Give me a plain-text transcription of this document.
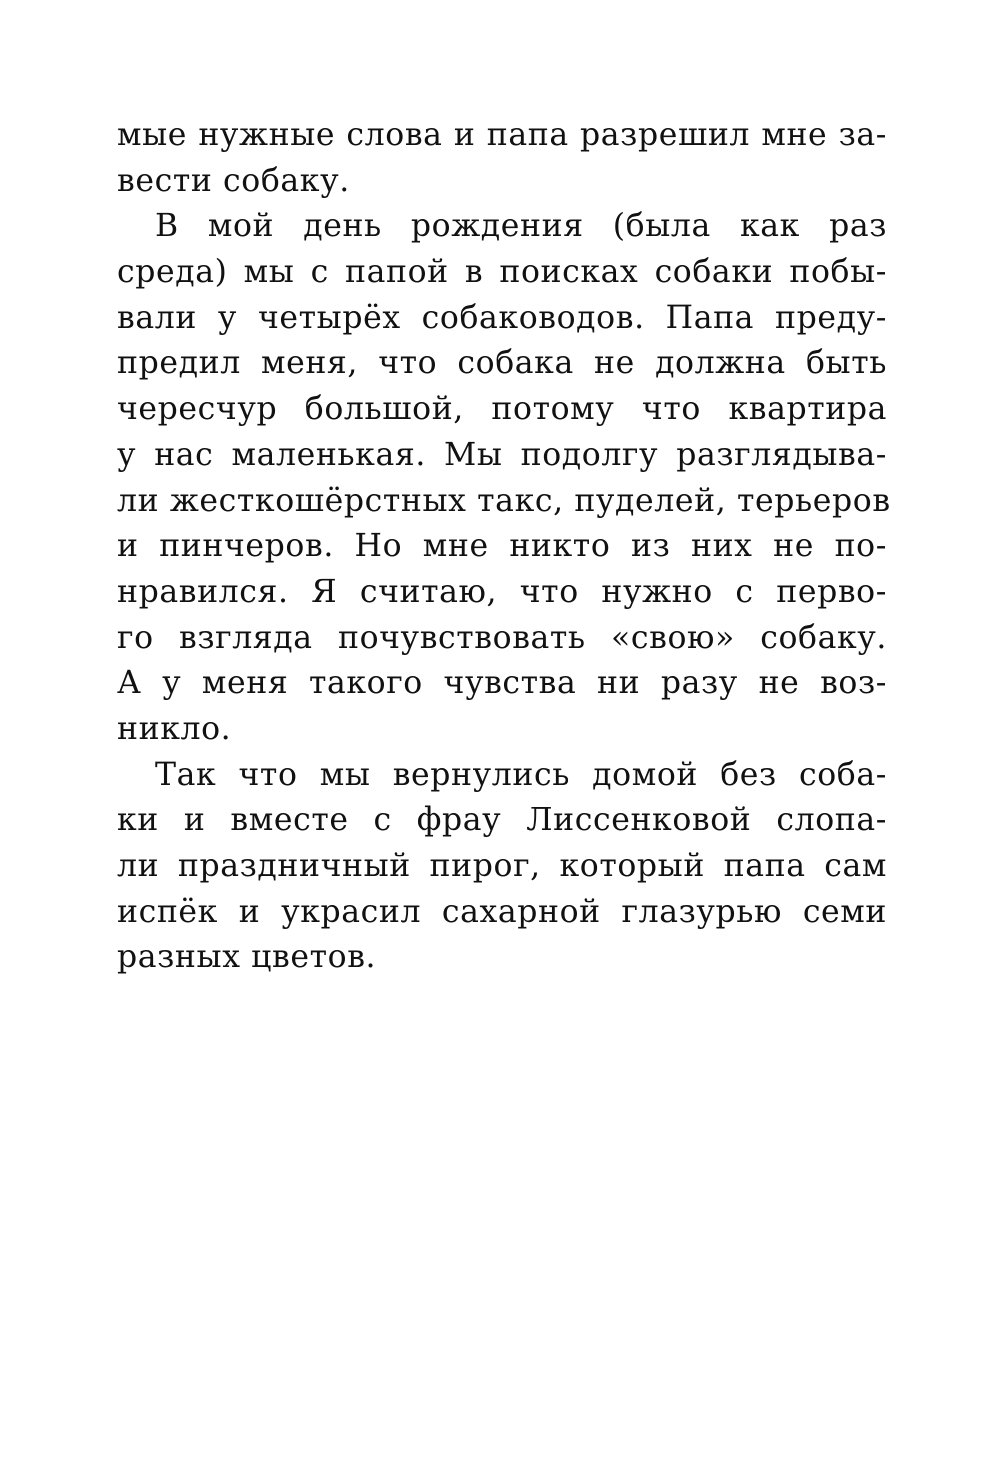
мые нужные слова и папа разрешил мне за-
вести собаку.
В мой день рождения (была как раз
среда) мы с папой в поисках собаки побы-
вали у четырёх собаководов. Папа преду-
предил меня, что собака не должна быть
чересчур большой, потому что квартира
у нас маленькая. Мы подолгу разглядыва-
ли жесткошёрстных такс, пуделей, терьеров
и пинчеров. Но мне никто из них не по-
нравился. Я считаю, что нужно с перво-
го взгляда почувствовать «свою» собаку.
А у меня такого чувства ни разу не воз-
никло.
Так что мы вернулись домой без соба-
ки и вместе с фрау Лиссенковой слопа-
ли праздничный пирог, который папа сам
испёк и украсил сахарной глазурью семи
разных цветов.
